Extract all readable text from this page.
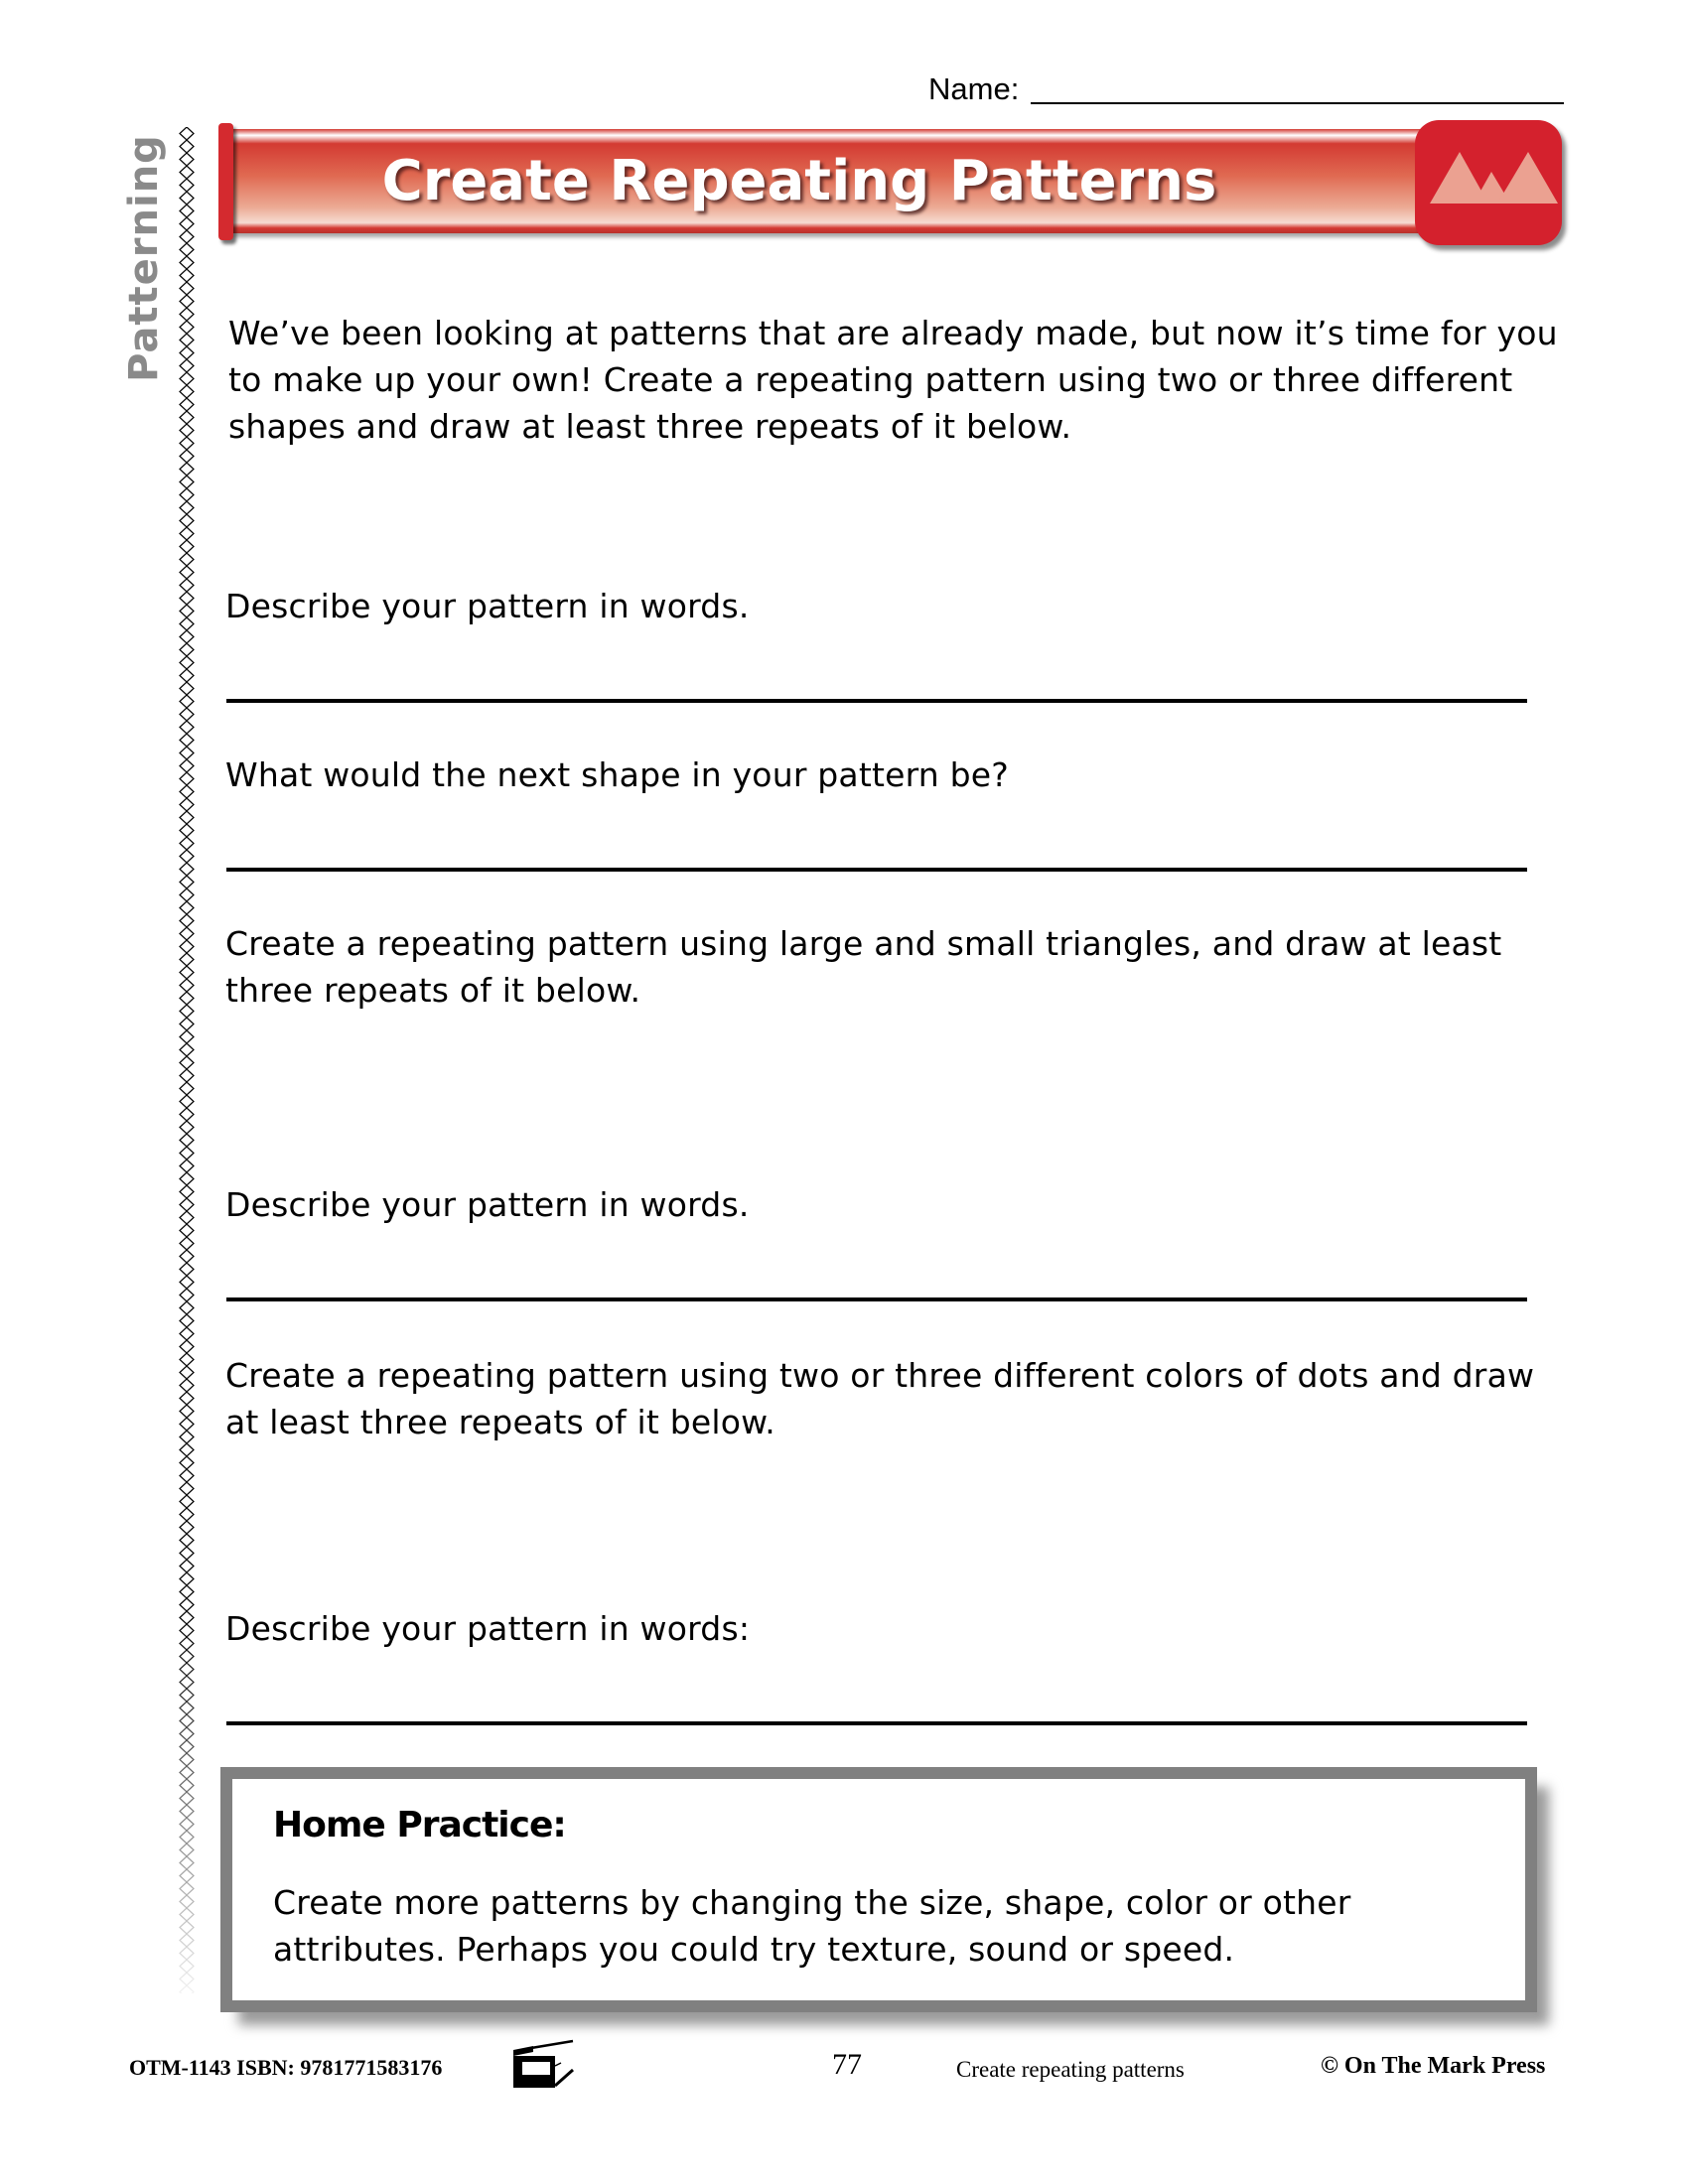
Name:
Patterning	Create Repeating Patterns
We’ve been looking at patterns that are already made, but now it’s time for you to make up your own! Create a repeating pattern using two or three different shapes and draw at least three repeats of it below.
Describe your pattern in words.
What would the next shape in your pattern be?
Create a repeating pattern using large and small triangles, and draw at least three repeats of it below.
Describe your pattern in words.
Create a repeating pattern using two or three different colors of dots and draw at least three repeats of it below.
Describe your pattern in words:
Home Practice:
Create more patterns by changing the size, shape, color or other attributes. Perhaps you could try texture, sound or speed.
OTM-1143 ISBN: 9781771583176	77	Create repeating patterns	© On The Mark Press
